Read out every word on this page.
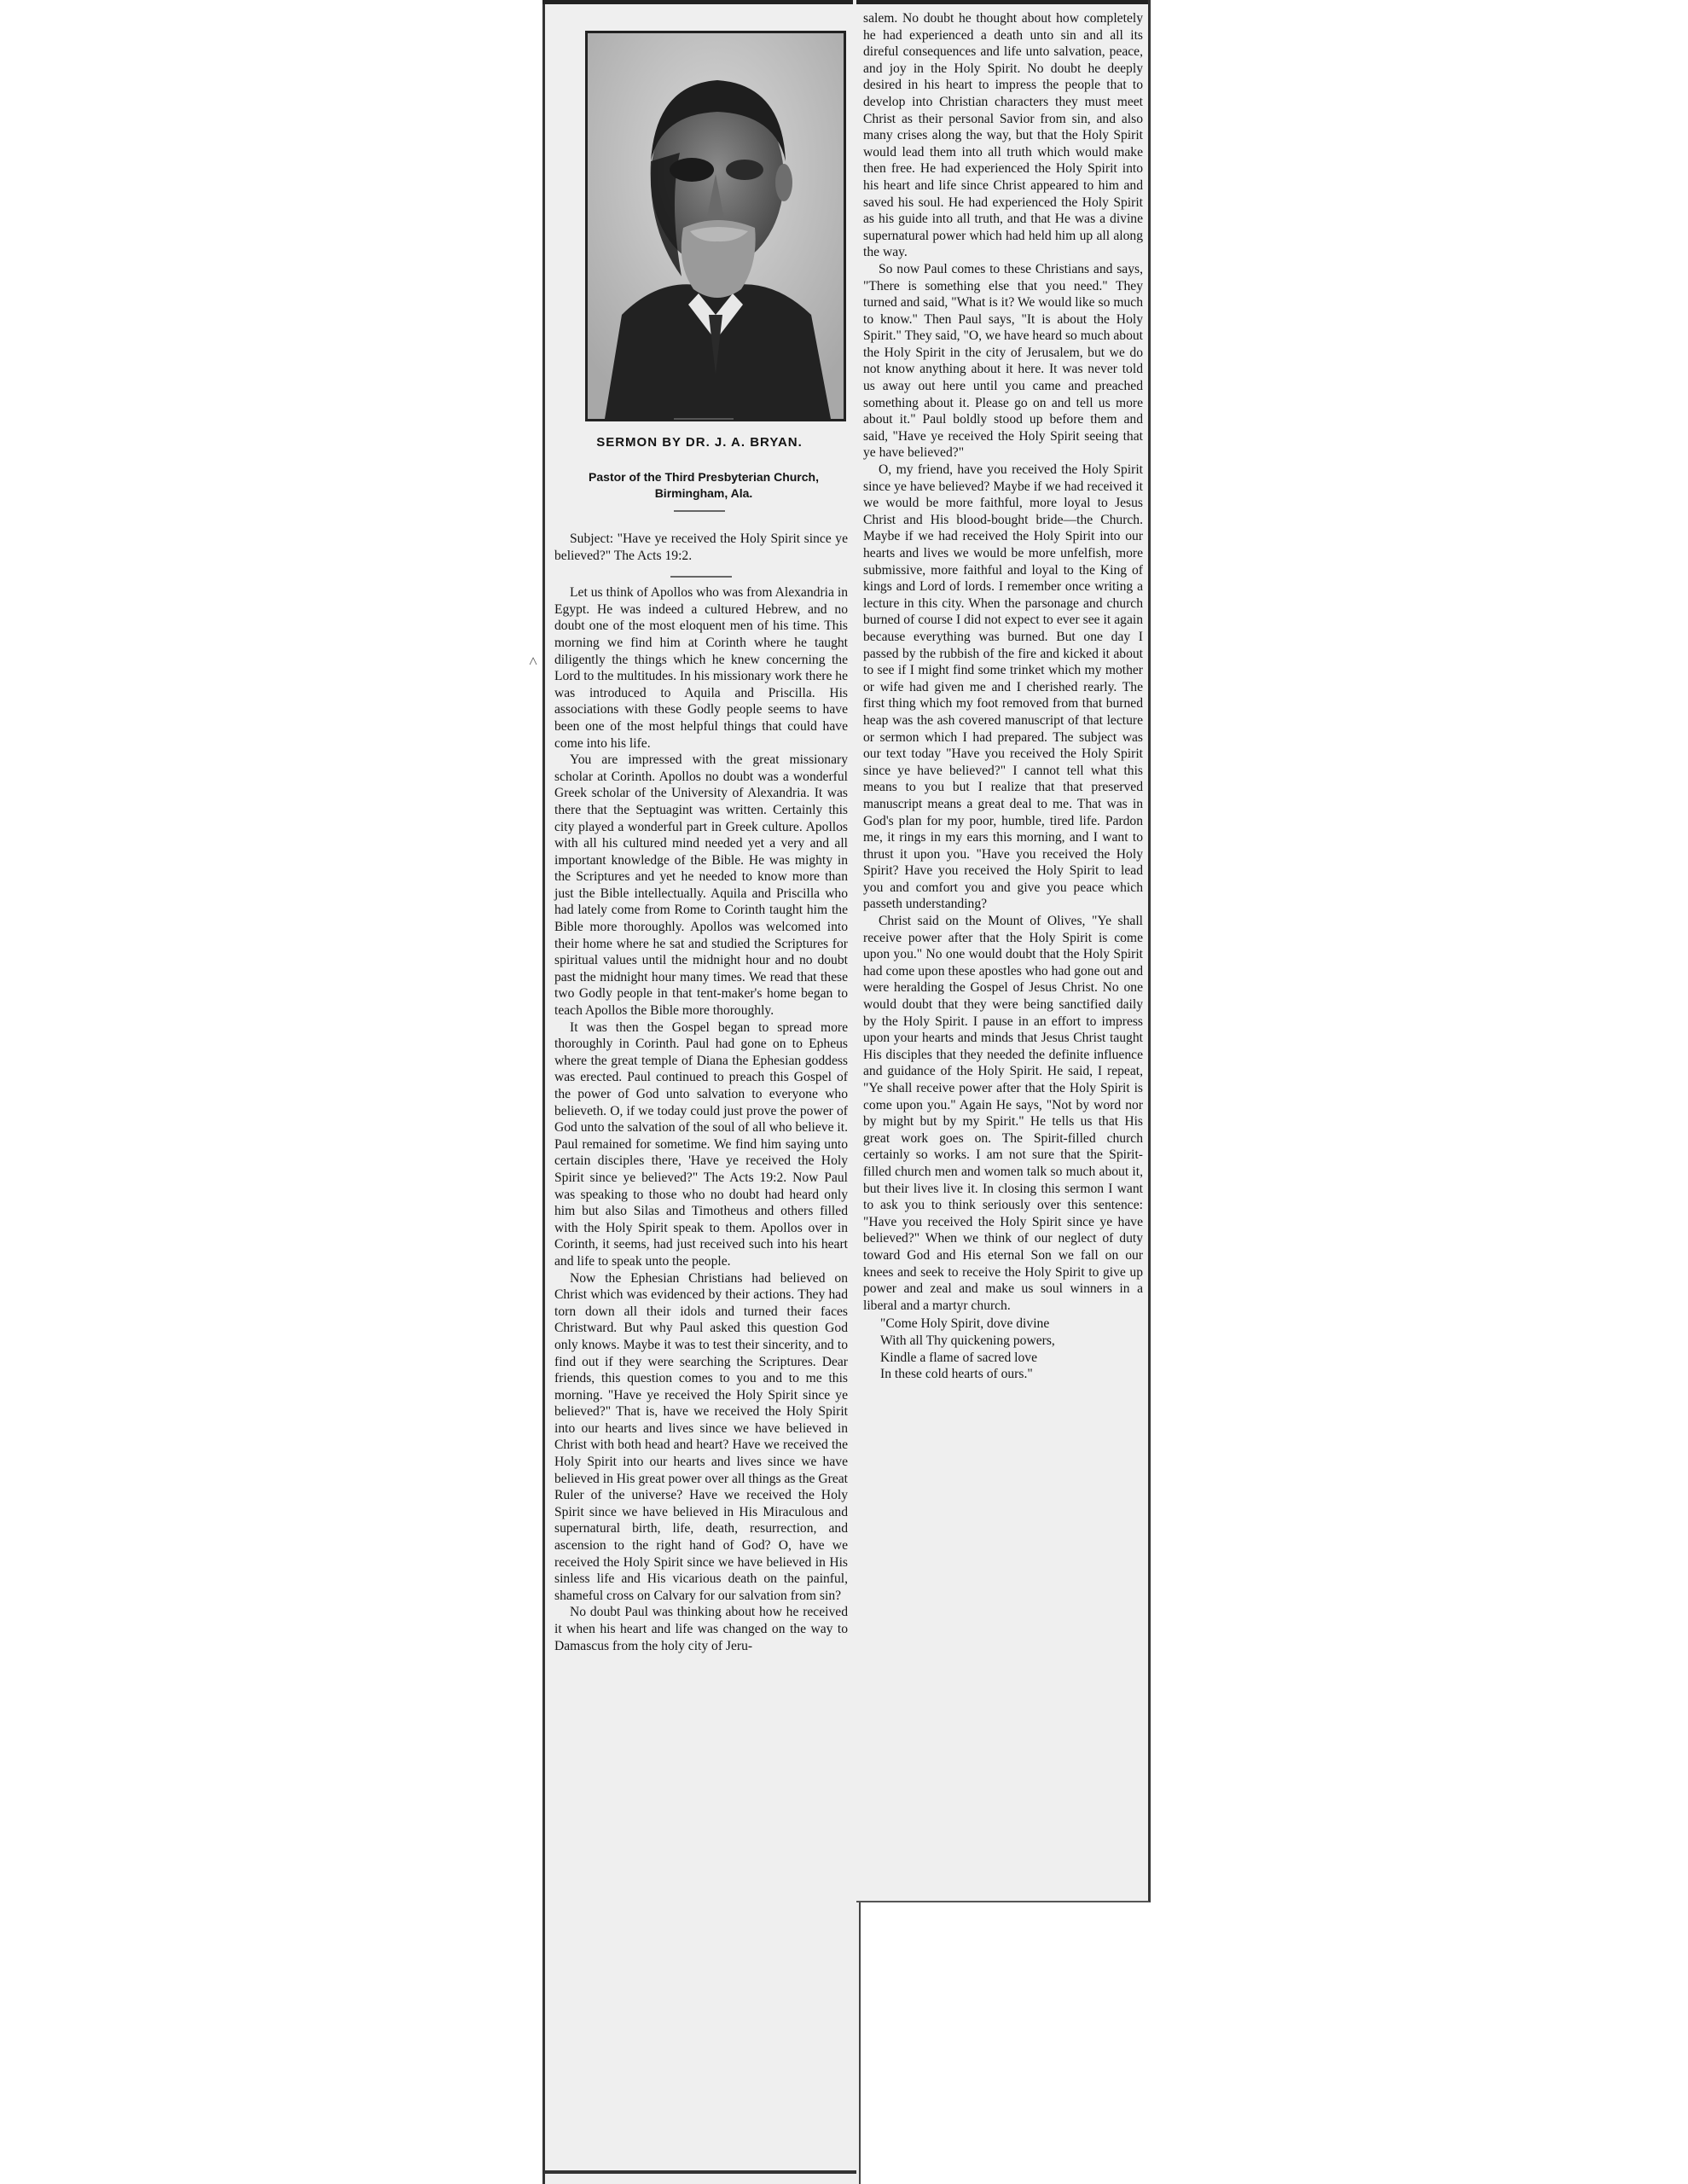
SERMON BY DR. J. A. BRYAN.
Pastor of the Third Presbyterian Church, Birmingham, Ala.
˄

Subject: "Have ye received the Holy Spirit since ye believed?" The Acts 19:2.

Let us think of Apollos who was from Alexandria in Egypt. He was indeed a cultured Hebrew, and no doubt one of the most eloquent men of his time. This morning we find him at Corinth where he taught diligently the things which he knew concerning the Lord to the multitudes. In his missionary work there he was introduced to Aquila and Priscilla. His associations with these Godly people seems to have been one of the most helpful things that could have come into his life.

You are impressed with the great missionary scholar at Corinth. Apollos no doubt was a wonderful Greek scholar of the University of Alexandria. It was there that the Septuagint was written. Certainly this city played a wonderful part in Greek culture. Apollos with all his cultured mind needed yet a very and all important knowledge of the Bible. He was mighty in the Scriptures and yet he needed to know more than just the Bible intellectually. Aquila and Priscilla who had lately come from Rome to Corinth taught him the Bible more thoroughly. Apollos was welcomed into their home where he sat and studied the Scriptures for spiritual values until the midnight hour and no doubt past the midnight hour many times. We read that these two Godly people in that tent-maker's home began to teach Apollos the Bible more thoroughly.

It was then the Gospel began to spread more thoroughly in Corinth. Paul had gone on to Epheus where the great temple of Diana the Ephesian goddess was erected. Paul continued to preach this Gospel of the power of God unto salvation to everyone who believeth. O, if we today could just prove the power of God unto the salvation of the soul of all who believe it. Paul remained for sometime. We find him saying unto certain disciples there, 'Have ye received the Holy Spirit since ye believed?" The Acts 19:2. Now Paul was speaking to those who no doubt had heard only him but also Silas and Timotheus and others filled with the Holy Spirit speak to them. Apollos over in Corinth, it seems, had just received such into his heart and life to speak unto the people.

Now the Ephesian Christians had believed on Christ which was evidenced by their actions. They had torn down all their idols and turned their faces Christward. But why Paul asked this question God only knows. Maybe it was to test their sincerity, and to find out if they were searching the Scriptures. Dear friends, this question comes to you and to me this morning. "Have ye received the Holy Spirit since ye believed?" That is, have we received the Holy Spirit into our hearts and lives since we have believed in Christ with both head and heart? Have we received the Holy Spirit into our hearts and lives since we have believed in His great power over all things as the Great Ruler of the universe? Have we received the Holy Spirit since we have believed in His Miraculous and supernatural birth, life, death, resurrection, and ascension to the right hand of God? O, have we received the Holy Spirit since we have believed in His sinless life and His vicarious death on the painful, shameful cross on Calvary for our salvation from sin?

No doubt Paul was thinking about how he received it when his heart and life was changed on the way to Damascus from the holy city of Jeru-

salem. No doubt he thought about how completely he had experienced a death unto sin and all its direful consequences and life unto salvation, peace, and joy in the Holy Spirit. No doubt he deeply desired in his heart to impress the people that to develop into Christian characters they must meet Christ as their personal Savior from sin, and also many crises along the way, but that the Holy Spirit would lead them into all truth which would make then free. He had experienced the Holy Spirit into his heart and life since Christ appeared to him and saved his soul. He had experienced the Holy Spirit as his guide into all truth, and that He was a divine supernatural power which had held him up all along the way.

So now Paul comes to these Christians and says, "There is something else that you need." They turned and said, "What is it? We would like so much to know." Then Paul says, "It is about the Holy Spirit." They said, "O, we have heard so much about the Holy Spirit in the city of Jerusalem, but we do not know anything about it here. It was never told us away out here until you came and preached something about it. Please go on and tell us more about it." Paul boldly stood up before them and said, "Have ye received the Holy Spirit seeing that ye have believed?"

O, my friend, have you received the Holy Spirit since ye have believed? Maybe if we had received it we would be more faithful, more loyal to Jesus Christ and His blood-bought bride—the Church. Maybe if we had received the Holy Spirit into our hearts and lives we would be more unfelfish, more submissive, more faithful and loyal to the King of kings and Lord of lords. I remember once writing a lecture in this city. When the parsonage and church burned of course I did not expect to ever see it again because everything was burned. But one day I passed by the rubbish of the fire and kicked it about to see if I might find some trinket which my mother or wife had given me and I cherished rearly. The first thing which my foot removed from that burned heap was the ash covered manuscript of that lecture or sermon which I had prepared. The subject was our text today "Have you received the Holy Spirit since ye have believed?" I cannot tell what this means to you but I realize that that preserved manuscript means a great deal to me. That was in God's plan for my poor, humble, tired life. Pardon me, it rings in my ears this morning, and I want to thrust it upon you. "Have you received the Holy Spirit? Have you received the Holy Spirit to lead you and comfort you and give you peace which passeth understanding?

Christ said on the Mount of Olives, "Ye shall receive power after that the Holy Spirit is come upon you." No one would doubt that the Holy Spirit had come upon these apostles who had gone out and were heralding the Gospel of Jesus Christ. No one would doubt that they were being sanctified daily by the Holy Spirit. I pause in an effort to impress upon your hearts and minds that Jesus Christ taught His disciples that they needed the definite influence and guidance of the Holy Spirit. He said, I repeat, "Ye shall receive power after that the Holy Spirit is come upon you." Again He says, "Not by word nor by might but by my Spirit." He tells us that His great work goes on. The Spirit-filled church certainly so works. I am not sure that the Spirit-filled church men and women talk so much about it, but their lives live it. In closing this sermon I want to ask you to think seriously over this sentence: "Have you received the Holy Spirit since ye have believed?" When we think of our neglect of duty toward God and His eternal Son we fall on our knees and seek to receive the Holy Spirit to give up power and zeal and make us soul winners in a liberal and a martyr church.

"Come Holy Spirit, dove divine
With all Thy quickening powers,
Kindle a flame of sacred love
In these cold hearts of ours."
